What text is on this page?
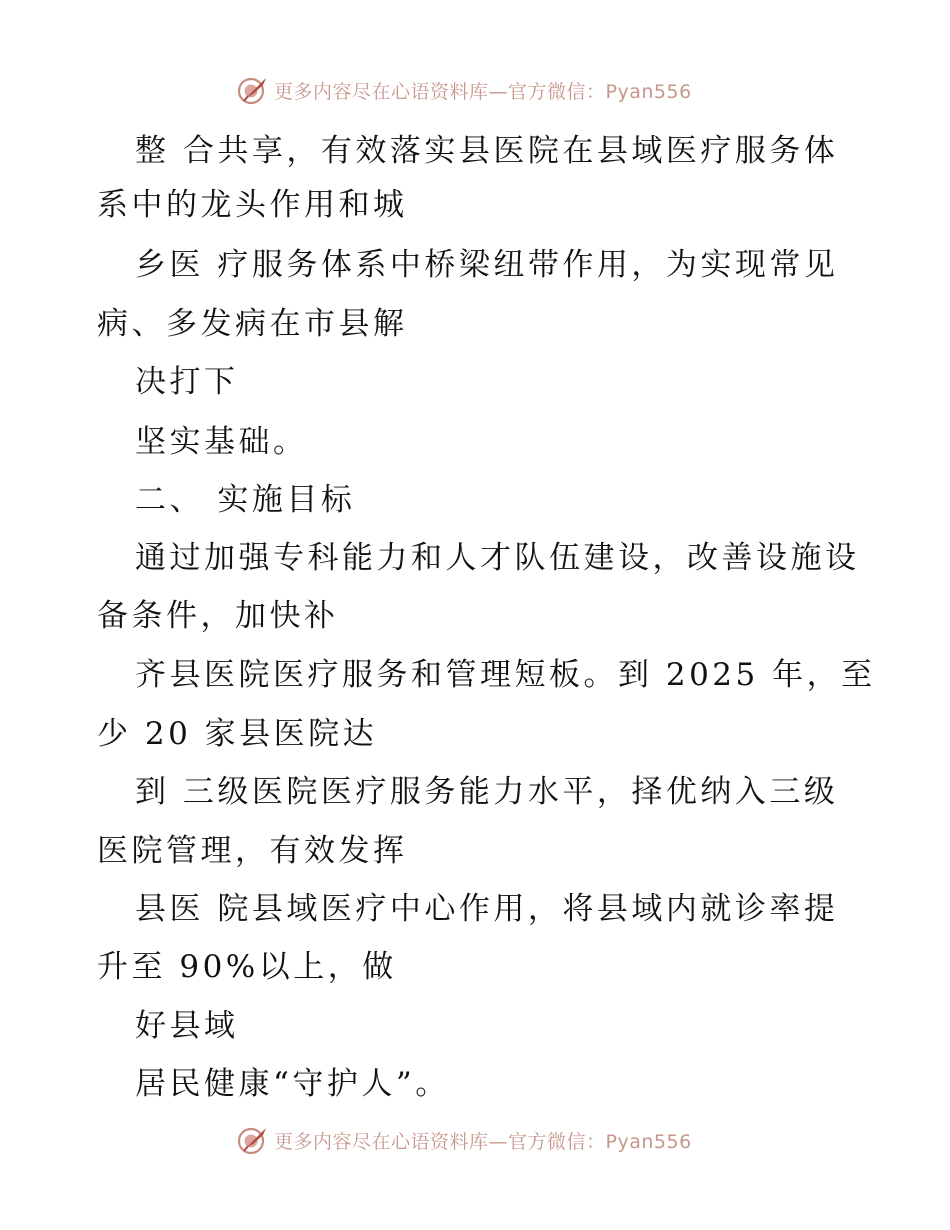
更多内容尽在心语资料库—官方微信：Pyan556
整 合共享，有效落实县医院在县域医疗服务体
系中的龙头作用和城
乡医 疗服务体系中桥梁纽带作用，为实现常见
病、多发病在市县解
决打下
坚实基础。
二、 实施目标
通过加强专科能力和人才队伍建设，改善设施设
备条件，加快补
齐县医院医疗服务和管理短板。到 2025 年，至
少 20 家县医院达
到 三级医院医疗服务能力水平，择优纳入三级
医院管理，有效发挥
县医 院县域医疗中心作用，将县域内就诊率提
升至 90%以上，做
好县域
居民健康“守护人”。
更多内容尽在心语资料库—官方微信：Pyan556
